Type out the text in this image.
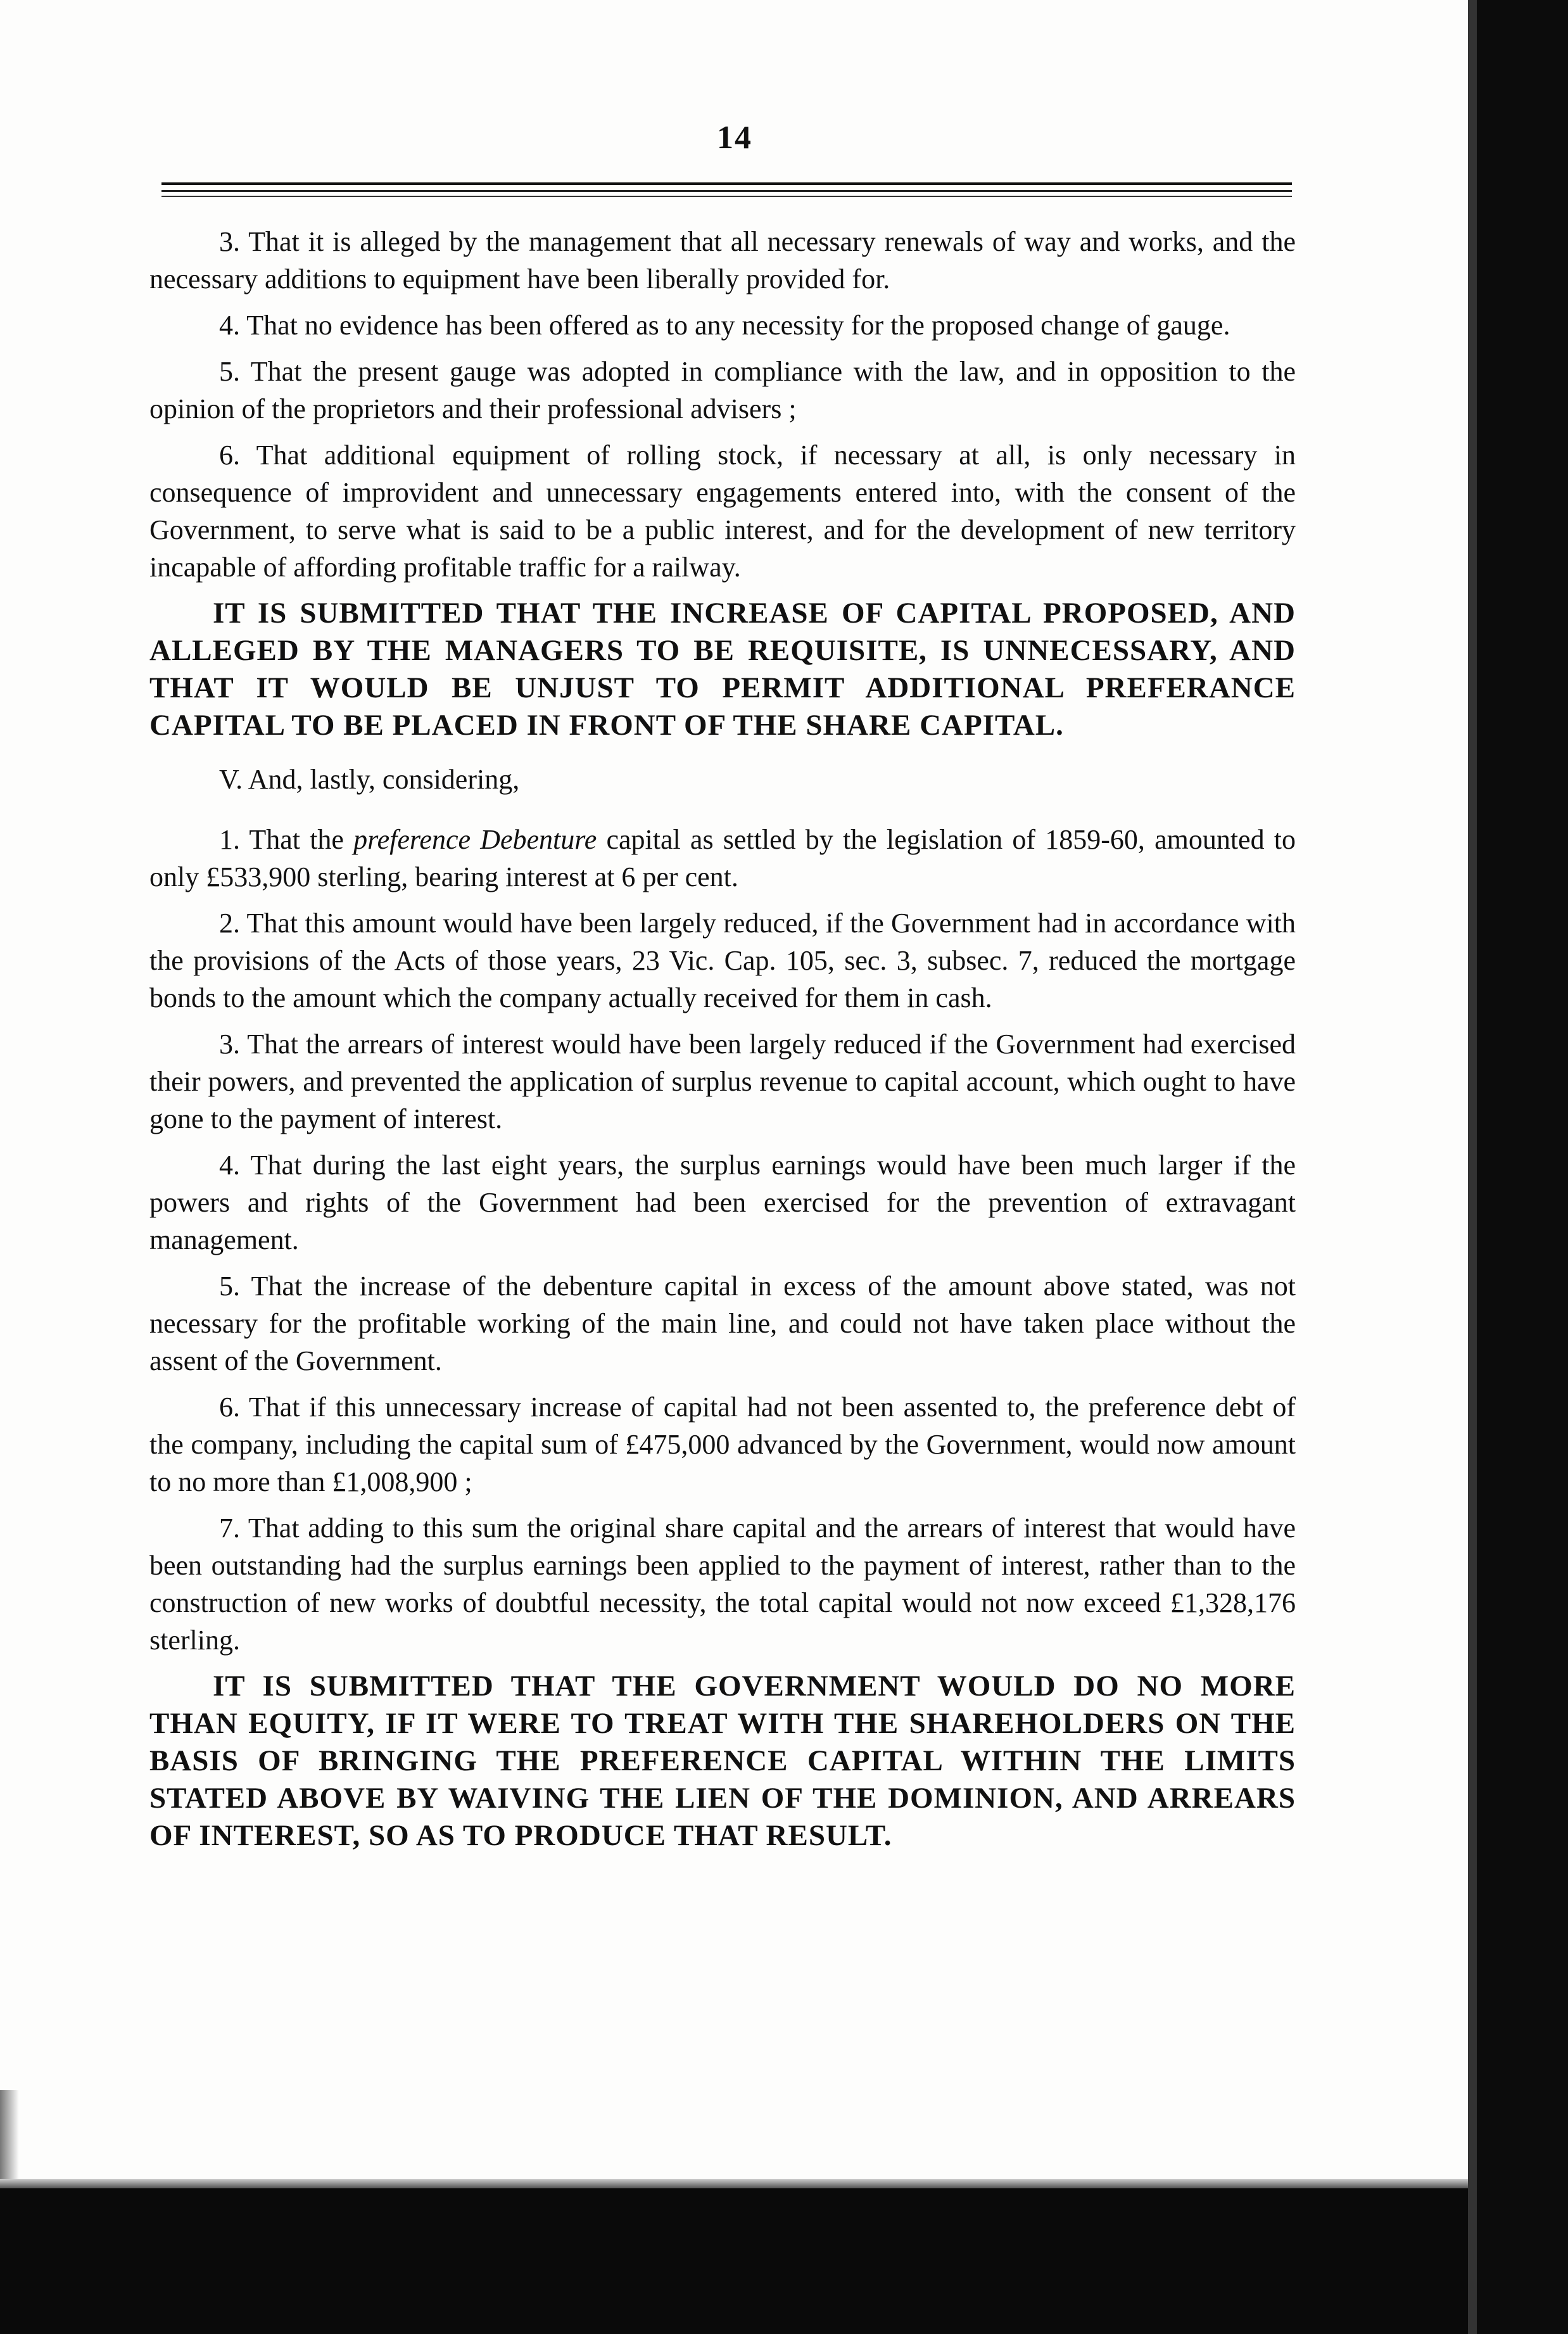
14

3. That it is alleged by the management that all necessary renewals of way and works, and the necessary additions to equipment have been liberally provided for.

4. That no evidence has been offered as to any necessity for the proposed change of gauge.

5. That the present gauge was adopted in compliance with the law, and in opposition to the opinion of the proprietors and their professional advisers ;

6. That additional equipment of rolling stock, if necessary at all, is only necessary in consequence of improvident and unnecessary engagements entered into, with the consent of the Government, to serve what is said to be a public interest, and for the development of new territory incapable of affording profitable traffic for a railway.

IT IS SUBMITTED THAT THE INCREASE OF CAPITAL PROPOSED, AND ALLEGED BY THE MANAGERS TO BE REQUISITE, IS UNNECESSARY, AND THAT IT WOULD BE UNJUST TO PERMIT ADDITIONAL PREFERANCE CAPITAL TO BE PLACED IN FRONT OF THE SHARE CAPITAL.

V. And, lastly, considering,

1. That the preference Debenture capital as settled by the legislation of 1859-60, amounted to only £533,900 sterling, bearing interest at 6 per cent.

2. That this amount would have been largely reduced, if the Government had in accordance with the provisions of the Acts of those years, 23 Vic. Cap. 105, sec. 3, subsec. 7, reduced the mortgage bonds to the amount which the company actually received for them in cash.

3. That the arrears of interest would have been largely reduced if the Government had exercised their powers, and prevented the application of surplus revenue to capital account, which ought to have gone to the payment of interest.

4. That during the last eight years, the surplus earnings would have been much larger if the powers and rights of the Government had been exercised for the prevention of extravagant management.

5. That the increase of the debenture capital in excess of the amount above stated, was not necessary for the profitable working of the main line, and could not have taken place without the assent of the Government.

6. That if this unnecessary increase of capital had not been assented to, the preference debt of the company, including the capital sum of £475,000 advanced by the Government, would now amount to no more than £1,008,900 ;

7. That adding to this sum the original share capital and the arrears of interest that would have been outstanding had the surplus earnings been applied to the payment of interest, rather than to the construction of new works of doubtful necessity, the total capital would not now exceed £1,328,176 sterling.

IT IS SUBMITTED THAT THE GOVERNMENT WOULD DO NO MORE THAN EQUITY, IF IT WERE TO TREAT WITH THE SHAREHOLDERS ON THE BASIS OF BRINGING THE PREFERENCE CAPITAL WITHIN THE LIMITS STATED ABOVE BY WAIVING THE LIEN OF THE DOMINION, AND ARREARS OF INTEREST, SO AS TO PRODUCE THAT RESULT.
